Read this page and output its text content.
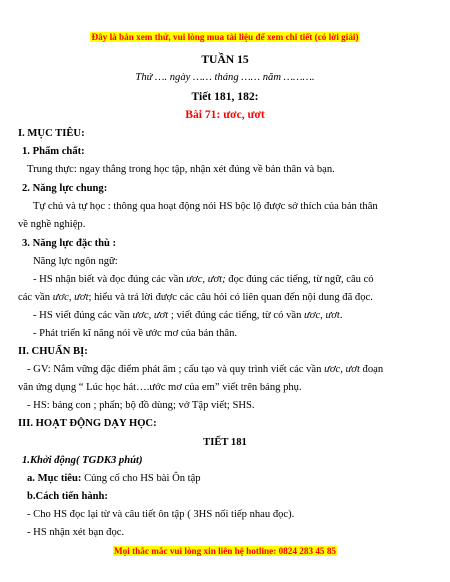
Đây là bản xem thử, vui lòng mua tài liệu để xem chi tiết (có lời giải)
TUẦN 15
Thứ …. ngày …… tháng …… năm ……….
Tiết 181, 182:
Bài 71: ươc, ươt
I. MỤC TIÊU:
1. Phẩm chất:
Trung thực: ngay thẳng trong học tập, nhận xét đúng về bản thân và bạn.
2. Năng lực chung:
Tự chủ và tự học : thông qua hoạt động nói HS bộc lộ được sở thích của bản thân
về nghề nghiệp.
3. Năng lực đặc thù :
Năng lực ngôn ngữ:
- HS nhận biết và đọc đúng các vần ươc, ươt; đọc đúng các tiếng, từ ngữ, câu có
các vần ươc, ươt; hiểu và trả lời được các câu hỏi có liên quan đến nội dung đã đọc.
- HS viết đúng các vần ươc, ươt ; viết đúng các tiếng, từ có vần ươc, ươt.
- Phát triển kĩ năng nói về ước mơ của bản thân.
II. CHUẨN BỊ:
- GV: Nắm vững đặc điểm phát âm ; cấu tạo và quy trình viết các vần ươc, ươt đoạn
văn ứng dụng “ Lúc học hát….ước mơ của em” viết trên bảng phụ.
- HS: bảng con ; phấn; bộ đồ dùng; vở Tập viết; SHS.
III. HOẠT ĐỘNG DẠY HỌC:
TIẾT 181
1.Khởi động( TGDK3 phút)
a. Mục tiêu: Củng cố cho HS bài Ôn tập
b.Cách tiến hành:
- Cho HS đọc lại từ và câu tiết ôn tập ( 3HS nối tiếp nhau đọc).
- HS nhận xét bạn đọc.
Mọi thắc mắc vui lòng xin liên hệ hotline: 0824 283 45 85
